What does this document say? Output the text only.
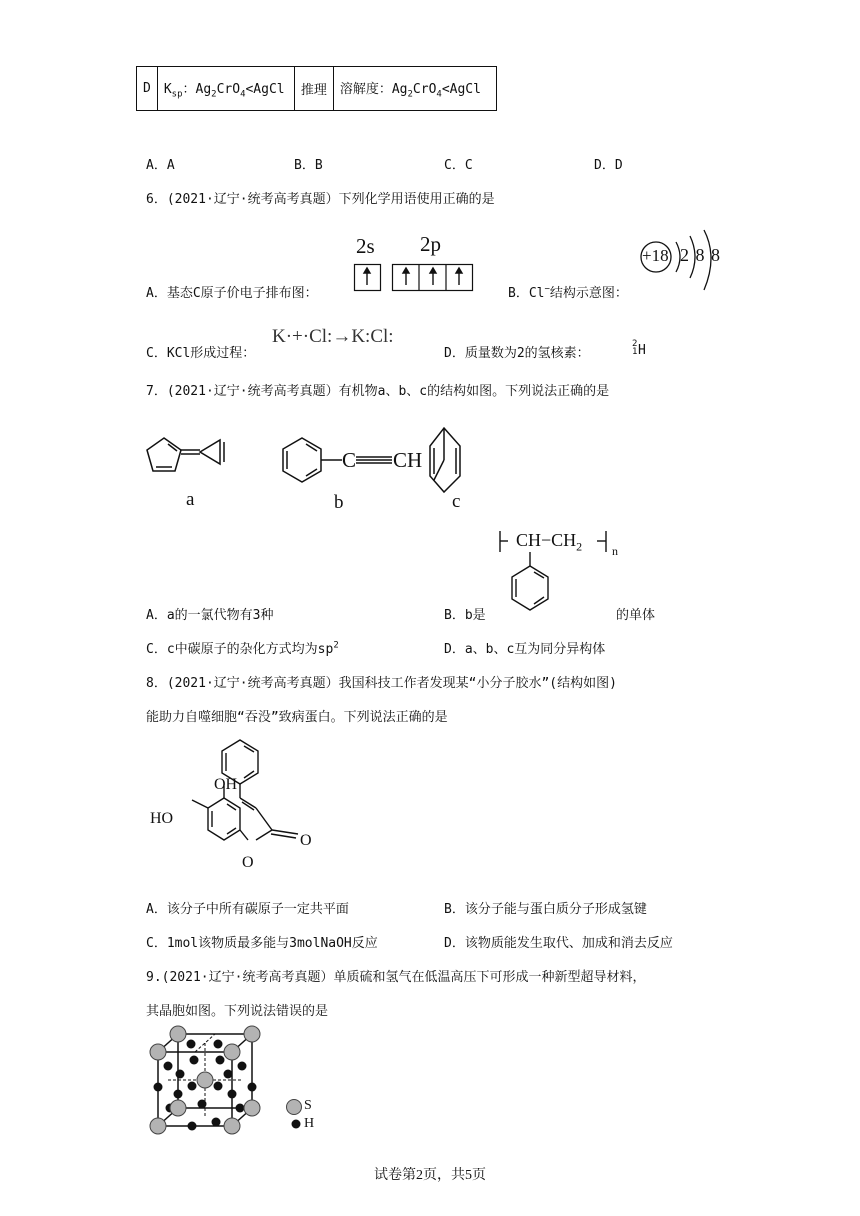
D	$K_{sp}$：$Ag_2CrO_4<AgCl$	推理	溶解度：$Ag_2CrO_4<AgCl$
A．A	B．B	C．C	D．D
6．(2021·辽宁·统考高考真题）下列化学用语使用正确的是
A．基态C原子价电子排布图：
2s 2p
B．Cl−结构示意图：
+18 2 8 8
C．KCl形成过程：
K·+·Cl:→K:Cl:
D．质量数为2的氢核素：
2
1 H
7．(2021·辽宁·统考高考真题）有机物a、b、c的结构如图。下列说法正确的是
C CH
a	b	c
$CH-CH_2$ n
A．a的一氯代物有3种	B．b是	的单体
C．c中碳原子的杂化方式均为$sp^2$	D．a、b、c互为同分异构体
8．(2021·辽宁·统考高考真题）我国科技工作者发现某“小分子胶水”(结构如图)
能助力自噬细胞“吞没”致病蛋白。下列说法正确的是
OH
HO
O
O
A．该分子中所有碳原子一定共平面	B．该分子能与蛋白质分子形成氢键
C．1mol该物质最多能与3molNaOH反应	D．该物质能发生取代、加成和消去反应
9.(2021·辽宁·统考高考真题）单质硫和氢气在低温高压下可形成一种新型超导材料，
其晶胞如图。下列说法错误的是
S
H
试卷第2页，共5页
